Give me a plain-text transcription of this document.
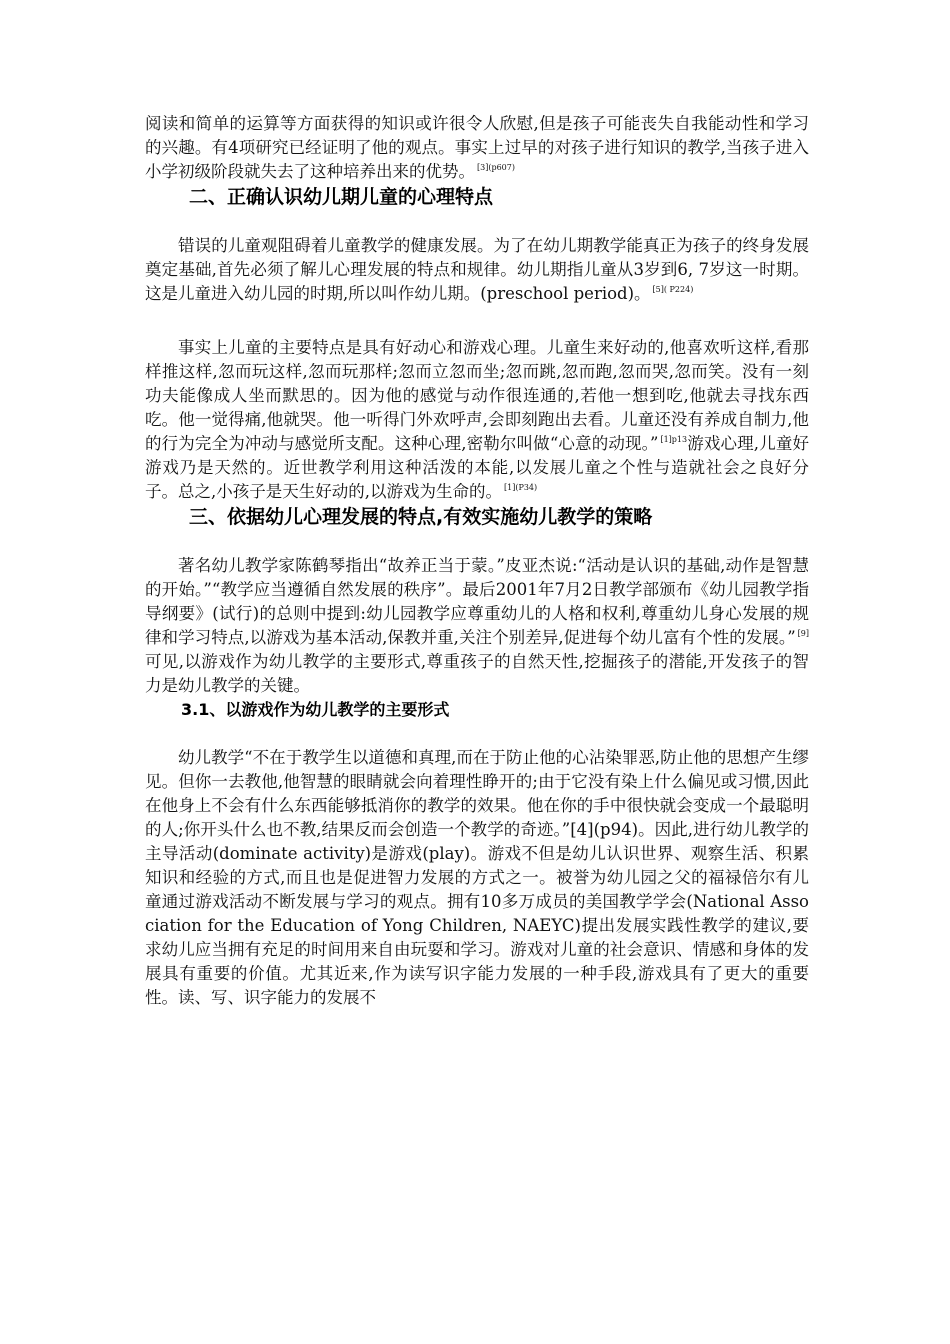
阅读和简单的运算等方面获得的知识或许很令人欣慰,但是孩子可能丧失自我能动性和学习的兴趣。有4项研究已经证明了他的观点。事实上过早的对孩子进行知识的教学,当孩子进入小学初级阶段就失去了这种培养出来的优势。 $^{[3](p607)}$

二、正确认识幼儿期儿童的心理特点

错误的儿童观阻碍着儿童教学的健康发展。为了在幼儿期教学能真正为孩子的终身发展奠定基础,首先必须了解儿心理发展的特点和规律。幼儿期指儿童从3岁到6, 7岁这一时期。这是儿童进入幼儿园的时期,所以叫作幼儿期。(preschool period)。 $^{[5]( P224)}$

事实上儿童的主要特点是具有好动心和游戏心理。儿童生来好动的,他喜欢听这样,看那样推这样,忽而玩这样,忽而玩那样;忽而立忽而坐;忽而跳,忽而跑,忽而哭,忽而笑。没有一刻功夫能像成人坐而默思的。因为他的感觉与动作很连通的,若他一想到吃,他就去寻找东西吃。他一觉得痛,他就哭。他一听得门外欢呼声,会即刻跑出去看。儿童还没有养成自制力,他的行为完全为冲动与感觉所支配。这种心理,密勒尔叫做“心意的动现。” $^{[1]p13}$游戏心理,儿童好游戏乃是天然的。近世教学利用这种活泼的本能,以发展儿童之个性与造就社会之良好分子。总之,小孩子是天生好动的,以游戏为生命的。 $^{[1](P34)}$

三、依据幼儿心理发展的特点,有效实施幼儿教学的策略

著名幼儿教学家陈鹤琴指出“故养正当于蒙。”皮亚杰说:“活动是认识的基础,动作是智慧的开始。”“教学应当遵循自然发展的秩序”。最后2001年7月2日教学部颁布《幼儿园教学指导纲要》(试行)的总则中提到:幼儿园教学应尊重幼儿的人格和权利,尊重幼儿身心发展的规律和学习特点,以游戏为基本活动,保教并重,关注个别差异,促进每个幼儿富有个性的发展。” [9]可见,以游戏作为幼儿教学的主要形式,尊重孩子的自然天性,挖掘孩子的潜能,开发孩子的智力是幼儿教学的关键。

3.1、以游戏作为幼儿教学的主要形式

幼儿教学“不在于教学生以道德和真理,而在于防止他的心沾染罪恶,防止他的思想产生缪见。但你一去教他,他智慧的眼睛就会向着理性睁开的;由于它没有染上什么偏见或习惯,因此在他身上不会有什么东西能够抵消你的教学的效果。他在你的手中很快就会变成一个最聪明的人;你开头什么也不教,结果反而会创造一个教学的奇迹。”[4](p94)。因此,进行幼儿教学的主导活动(dominate activity)是游戏(play)。游戏不但是幼儿认识世界、观察生活、积累知识和经验的方式,而且也是促进智力发展的方式之一。被誉为幼儿园之父的福禄倍尔有儿童通过游戏活动不断发展与学习的观点。拥有10多万成员的美国教学学会(National Association for the Education of Yong Children, NAEYC)提出发展实践性教学的建议,要求幼儿应当拥有充足的时间用来自由玩耍和学习。游戏对儿童的社会意识、情感和身体的发展具有重要的价值。尤其近来,作为读写识字能力发展的一种手段,游戏具有了更大的重要性。读、写、识字能力的发展不
